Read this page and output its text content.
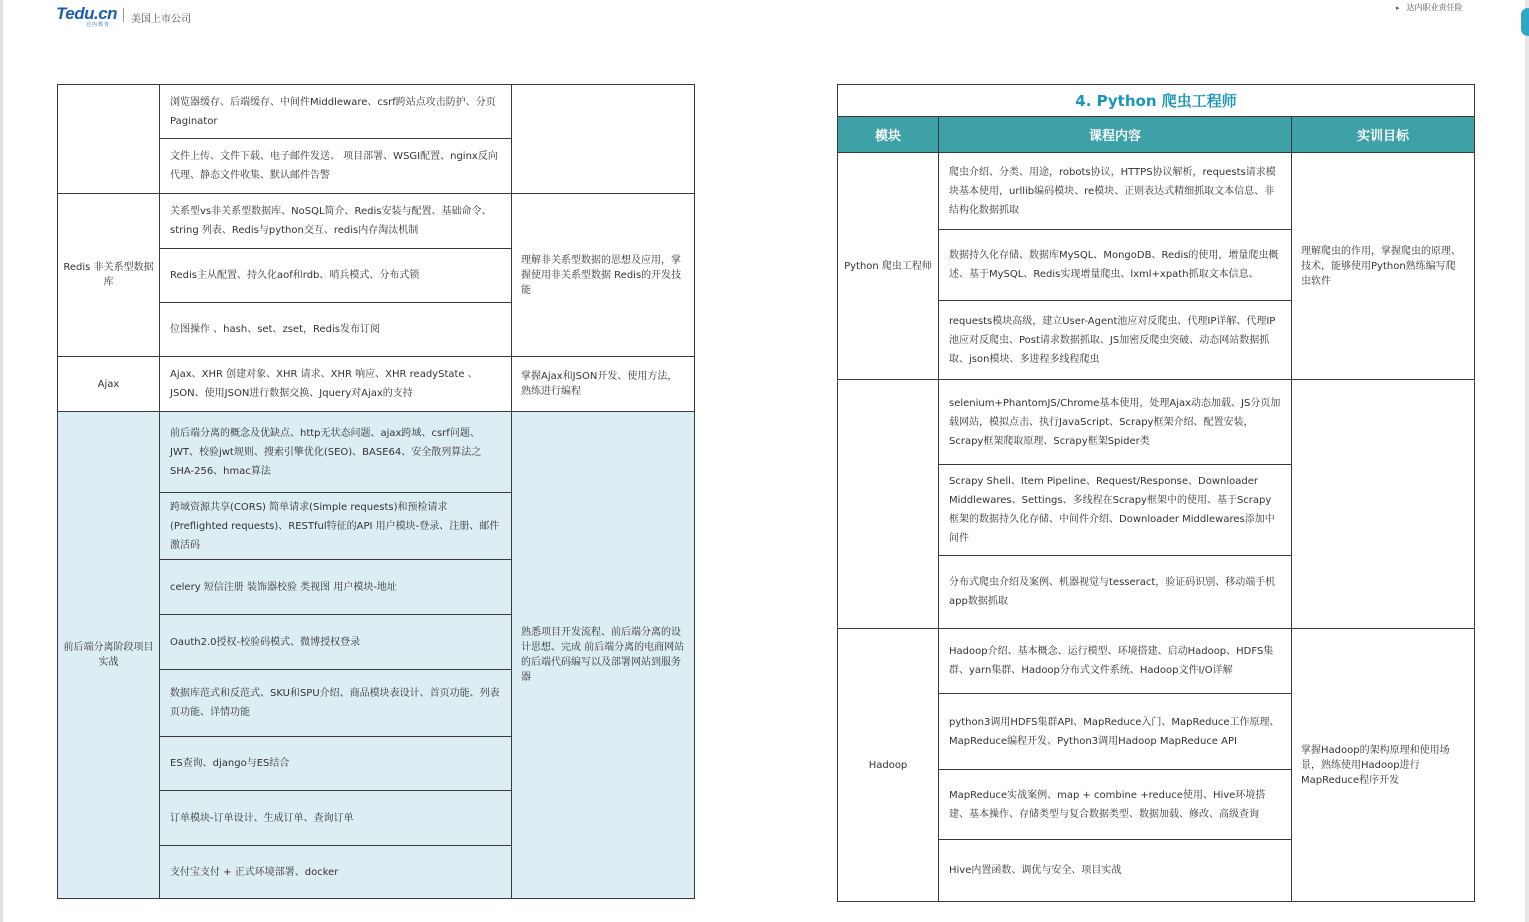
Tedu.cn
达内教育 美国上市公司
▸ 达内职业责任险
	浏览器缓存、后端缓存、中间件Middleware、csrf跨站点攻击防护、分页Paginator	
	文件上传、文件下载、电子邮件发送、 项目部署、WSGI配置、nginx反向代理、静态文件收集、默认邮件告警	
Redis 非关系型数据库	关系型vs非关系型数据库、NoSQL简介、Redis安装与配置、基础命令、string 列表、Redis与python交互、redis内存淘汰机制	理解非关系型数据的思想及应用，掌握使用非关系型数据 Redis的开发技能
	Redis主从配置、持久化aof和rdb、哨兵模式、分布式锁	
	位图操作 、hash、set、zset，Redis发布订阅	
Ajax	Ajax、XHR 创建对象、XHR 请求、XHR 响应、XHR readyState 、JSON、使用JSON进行数据交换、Jquery对Ajax的支持	掌握Ajax和JSON开发、使用方法，熟练进行编程
前后端分离阶段项目实战	前后端分离的概念及优缺点、http无状态问题、ajax跨域、csrf问题、JWT、校验jwt规则、搜索引擎优化(SEO)、BASE64、安全散列算法之SHA-256、hmac算法	熟悉项目开发流程、前后端分离的设计思想、完成 前后端分离的电商网站的后端代码编写以及部署网站到服务器
	跨域资源共享(CORS) 简单请求(Simple requests)和预检请求(Preflighted requests)、RESTful特征的API 用户模块-登录、注册、邮件激活码	
	celery 短信注册 装饰器校验 类视图 用户模块-地址	
	Oauth2.0授权-校验码模式、微博授权登录	
	数据库范式和反范式、SKU和SPU介绍、商品模块表设计、首页功能、列表页功能、详情功能	
	ES查询、django与ES结合	
	订单模块-订单设计、生成订单、查询订单	
	支付宝支付 + 正式环境部署、docker	
4. Python 爬虫工程师		
模块	课程内容	实训目标
Python 爬虫工程师	爬虫介绍、分类、用途，robots协议，HTTPS协议解析，requests请求模块基本使用，urllib编码模块、re模块、正则表达式精细抓取文本信息、非结构化数据抓取	理解爬虫的作用，掌握爬虫的原理、技术，能够使用Python熟练编写爬虫软件
	数据持久化存储、数据库MySQL、MongoDB、Redis的使用，增量爬虫概述、基于MySQL、Redis实现增量爬虫、lxml+xpath抓取文本信息、	
	requests模块高级，建立User-Agent池应对反爬虫、代理IP详解、代理IP池应对反爬虫、Post请求数据抓取、JS加密反爬虫突破、动态网站数据抓取、json模块、多进程多线程爬虫	
	selenium+PhantomJS/Chrome基本使用，处理Ajax动态加载、JS分页加载网站，模拟点击、执行JavaScript、Scrapy框架介绍、配置安装，Scrapy框架爬取原理、Scrapy框架Spider类	
	Scrapy Shell、Item Pipeline、Request/Response、Downloader Middlewares、Settings、多线程在Scrapy框架中的使用、基于Scrapy框架的数据持久化存储、中间件介绍、Downloader Middlewares添加中间件	
	分布式爬虫介绍及案例、机器视觉与tesseract，验证码识别、移动端手机app数据抓取	
Hadoop	Hadoop介绍、基本概念、运行模型、环境搭建、启动Hadoop、HDFS集群、yarn集群、Hadoop分布式文件系统、Hadoop文件I/O详解	掌握Hadoop的架构原理和使用场景，熟练使用Hadoop进行MapReduce程序开发
	python3调用HDFS集群API、MapReduce入门、MapReduce工作原理、MapReduce编程开发、Python3调用Hadoop MapReduce API	
	MapReduce实战案例、map + combine +reduce使用、Hive环境搭建、基本操作、存储类型与复合数据类型、数据加载、修改、高级查询	
	Hive内置函数、调优与安全、项目实战	
